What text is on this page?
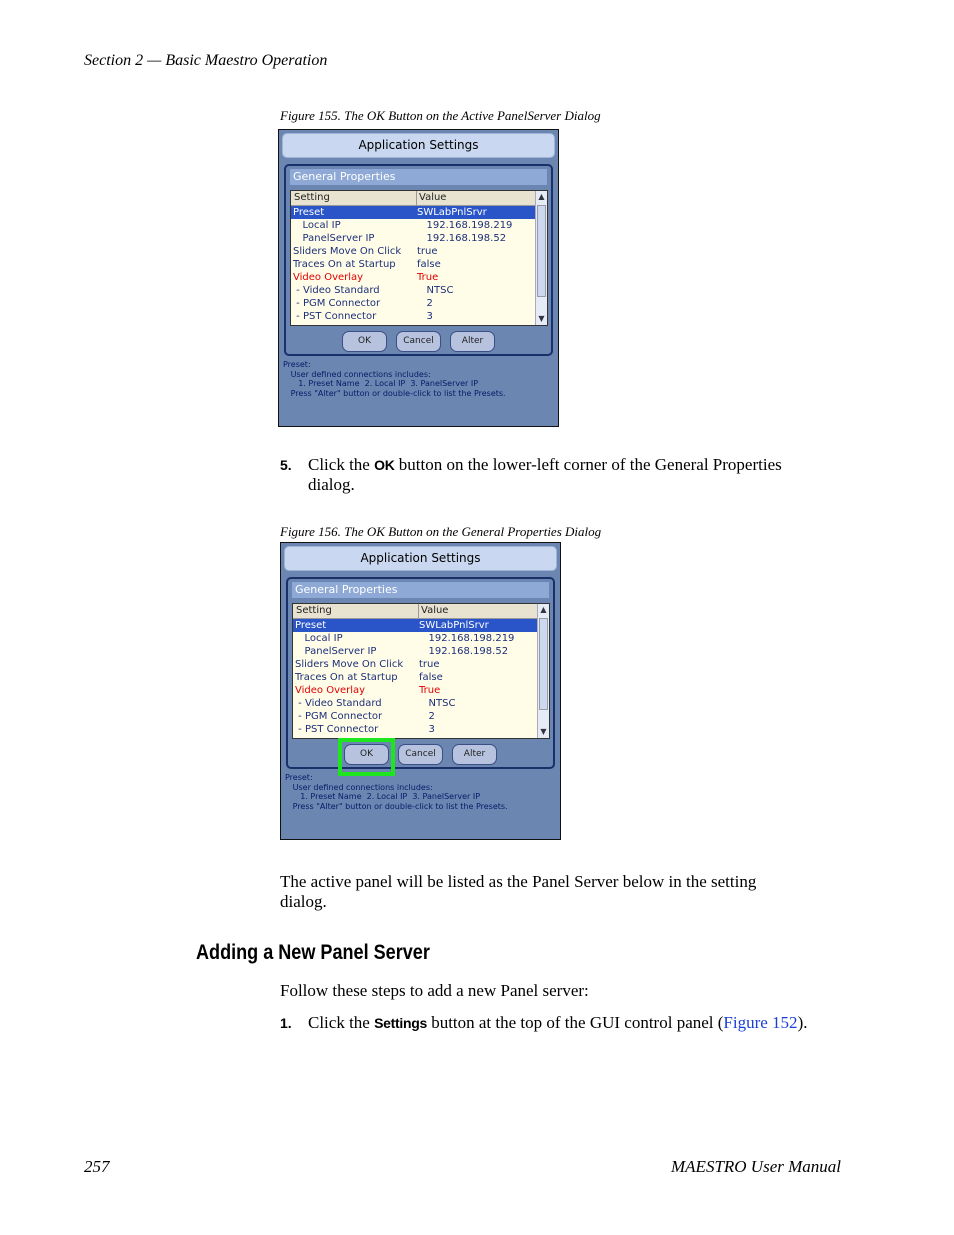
Section 2 — Basic Maestro Operation
Figure 155. The OK Button on the Active PanelServer Dialog
Application Settings
General Properties
Setting	Value
Preset	SWLabPnlSrvr
Local IP	192.168.198.219
PanelServer IP	192.168.198.52
Sliders Move On Click true
Traces On at Startup false
Video Overlay	True
- Video Standard	NTSC
- PGM Connector	2
- PST Connector	3
▲
▼
OK	Cancel	Alter
Preset:
User defined connections includes:
1. Preset Name  2. Local IP  3. PanelServer IP
Press "Alter" button or double-click to list the Presets.
5. Click the OK button on the lower-left corner of the General Properties
dialog.
Figure 156. The OK Button on the General Properties Dialog
Application Settings
General Properties
Setting	Value
Preset	SWLabPnlSrvr
Local IP	192.168.198.219
PanelServer IP	192.168.198.52
Sliders Move On Click true
Traces On at Startup false
Video Overlay	True
- Video Standard	NTSC
- PGM Connector	2
- PST Connector	3
▲
▼
OK	Cancel	Alter
Preset:
User defined connections includes:
1. Preset Name  2. Local IP  3. PanelServer IP
Press "Alter" button or double-click to list the Presets.
The active panel will be listed as the Panel Server below in the setting
dialog.
Adding a New Panel Server
Follow these steps to add a new Panel server:
1. Click the Settings button at the top of the GUI control panel (Figure 152).
257	MAESTRO User Manual
